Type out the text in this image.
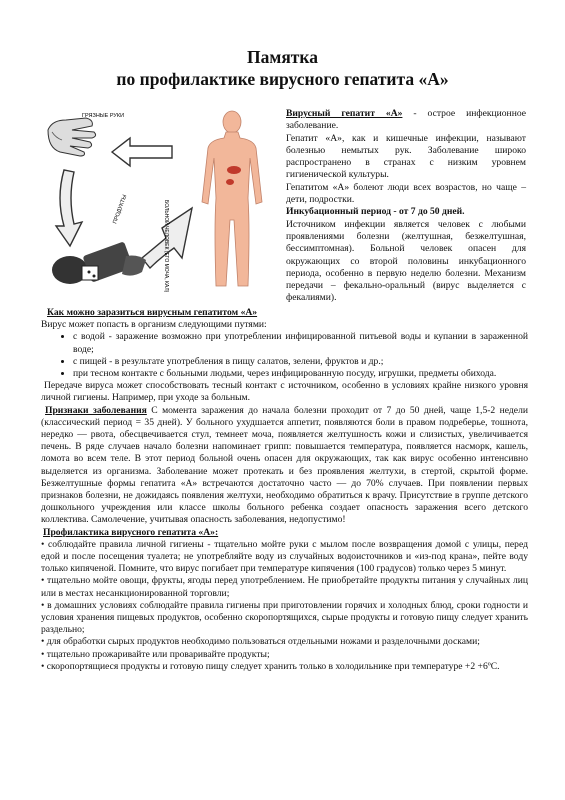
Памятка
по профилактике вирусного гепатита «А»
ГРЯЗНЫЕ РУКИ
ПРОДУКТЫ	БОЛЬНОЙ ЧЕЛОВЕК (ЕГО МОЧА, КАЛ)

Вирусный гепатит «А» - острое инфекционное заболевание.

Гепатит «А», как и кишечные инфекции, называют болезнью немытых рук. Заболевание широко распространено в странах с низким уровнем гигиенической культуры.

Гепатитом «А» болеют люди всех возрастов, но чаще – дети, подростки.

Инкубационный период - от 7 до 50 дней.

Источником инфекции является человек с любыми проявлениями болезни (желтушная, безжелтушная, бессимптомная). Больной человек опасен для окружающих со второй половины инкубационного периода, особенно в первую неделю болезни. Механизм передачи – фекально-оральный (вирус выделяется с фекалиями).

Как можно заразиться вирусным гепатитом «А»

Вирус может попасть в организм следующими путями:

• с водой - заражение возможно при употреблении инфицированной питьевой воды и купании в зараженной воде;
• с пищей - в результате употребления в пищу салатов, зелени, фруктов и др.;
• при тесном контакте с больными людьми, через инфицированную посуду, игрушки, предметы обихода.

Передаче вируса может способствовать тесный контакт с источником, особенно в условиях крайне низкого уровня личной гигиены. Например, при уходе за больным.

Признаки заболевания С момента заражения до начала болезни проходит от 7 до 50 дней, чаще 1,5-2 недели (классический период = 35 дней). У больного ухудшается аппетит, появляются боли в правом подреберье, тошнота, нередко — рвота, обесцвечивается стул, темнеет моча, появляется желтушность кожи и слизистых, увеличивается печень. В ряде случаев начало болезни напоминает грипп: повышается температура, появляется насморк, кашель, ломота во всем теле. В этот период больной очень опасен для окружающих, так как вирус особенно интенсивно выделяется из организма. Заболевание может протекать и без проявления желтухи, в стертой, скрытой форме. Безжелтушные формы гепатита «А» встречаются достаточно часто — до 70% случаев. При появлении первых признаков болезни, не дожидаясь появления желтухи, необходимо обратиться к врачу. Присутствие в группе детского дошкольного учреждения или классе школы больного ребенка создает опасность заражения всего детского коллектива. Самолечение, учитывая опасность заболевания, недопустимо!

Профилактика вирусного гепатита «А»:

• соблюдайте правила личной гигиены - тщательно мойте руки с мылом после возвращения домой с улицы, перед едой и после посещения туалета; не употребляйте воду из случайных водоисточников и «из-под крана», пейте воду только кипяченой. Помните, что вирус погибает при температуре кипячения (100 градусов) только через 5 минут.

• тщательно мойте овощи, фрукты, ягоды перед употреблением. Не приобретайте продукты питания у случайных лиц или в местах несанкционированной торговли;

• в домашних условиях соблюдайте правила гигиены при приготовлении горячих и холодных блюд, сроки годности и условия хранения пищевых продуктов, особенно скоропортящихся, сырые продукты и готовую пищу следует хранить раздельно;

• для обработки сырых продуктов необходимо пользоваться отдельными ножами и разделочными досками;

• тщательно прожаривайте или проваривайте продукты;

• скоропортящиеся продукты и готовую пищу следует хранить только в холодильнике при температуре +2 +6ºС.
